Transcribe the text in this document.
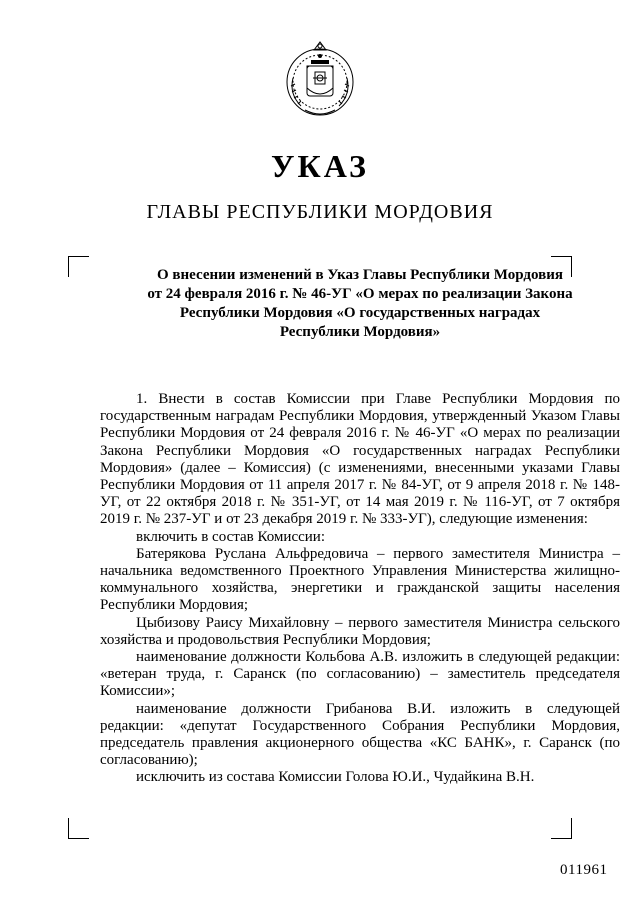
УКАЗ
ГЛАВЫ РЕСПУБЛИКИ МОРДОВИЯ
О внесении изменений в Указ Главы Республики Мордовия
от 24 февраля 2016 г. № 46-УГ «О мерах по реализации Закона
Республики Мордовия «О государственных наградах
Республики Мордовия»

1. Внести в состав Комиссии при Главе Республики Мордовия по государственным наградам Республики Мордовия, утвержденный Указом Главы Республики Мордовия от 24 февраля 2016 г. № 46-УГ «О мерах по реализации Закона Республики Мордовия «О государственных наградах Республики Мордовия» (далее – Комиссия) (с изменениями, внесенными указами Главы Республики Мордовия от 11 апреля 2017 г. № 84-УГ, от 9 апреля 2018 г. № 148-УГ, от 22 октября 2018 г. № 351-УГ, от 14 мая 2019 г. № 116-УГ, от 7 октября 2019 г. № 237-УГ и от 23 декабря 2019 г. № 333-УГ), следующие изменения:

включить в состав Комиссии:

Батерякова Руслана Альфредовича – первого заместителя Министра – начальника ведомственного Проектного Управления Министерства жилищно-коммунального хозяйства, энергетики и гражданской защиты населения Республики Мордовия;

Цыбизову Раису Михайловну – первого заместителя Министра сельского хозяйства и продовольствия Республики Мордовия;

наименование должности Кольбова А.В. изложить в следующей редакции: «ветеран труда, г. Саранск (по согласованию) – заместитель председателя Комиссии»;

наименование должности Грибанова В.И. изложить в следующей редакции: «депутат Государственного Собрания Республики Мордовия, председатель правления акционерного общества «КС БАНК», г. Саранск (по согласованию);

исключить из состава Комиссии Голова Ю.И., Чудайкина В.Н.

011961
